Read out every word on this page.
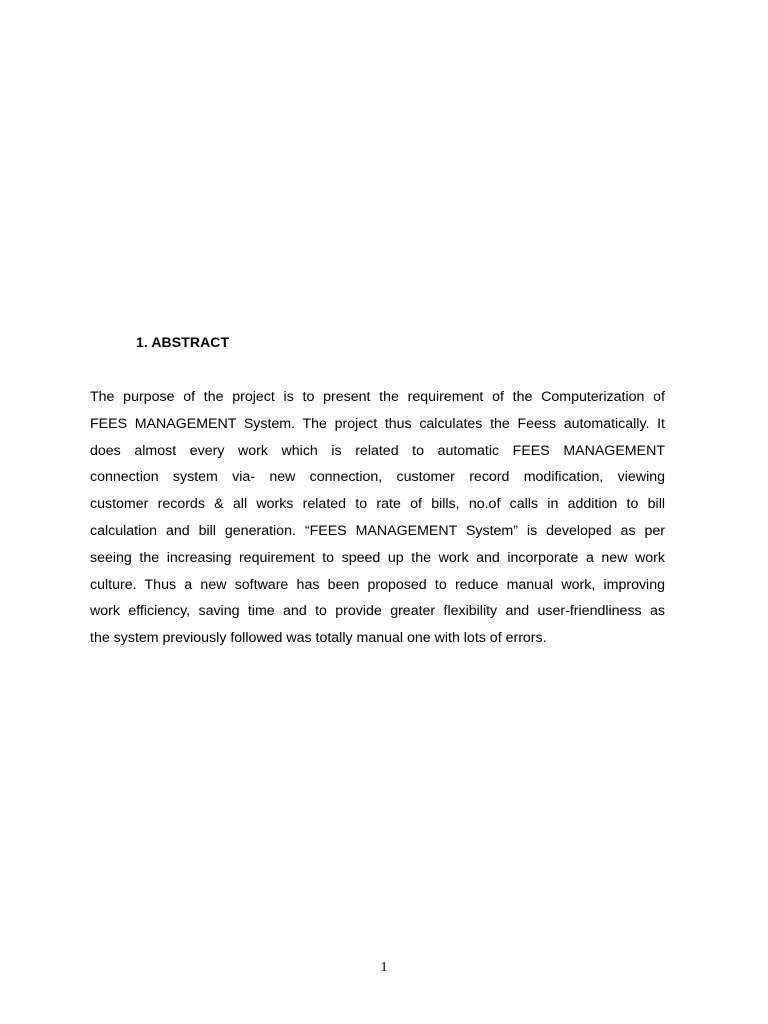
1. ABSTRACT
The purpose of the project is to present the requirement of the Computerization of
FEES MANAGEMENT System. The project thus calculates the Feess automatically. It
does almost every work which is related to automatic FEES MANAGEMENT
connection system via- new connection, customer record modification, viewing
customer records & all works related to rate of bills, no.of calls in addition to bill
calculation and bill generation. “FEES MANAGEMENT System” is developed as per
seeing the increasing requirement to speed up the work and incorporate a new work
culture. Thus a new software has been proposed to reduce manual work, improving
work efficiency, saving time and to provide greater flexibility and user-friendliness as
the system previously followed was totally manual one with lots of errors.
1
